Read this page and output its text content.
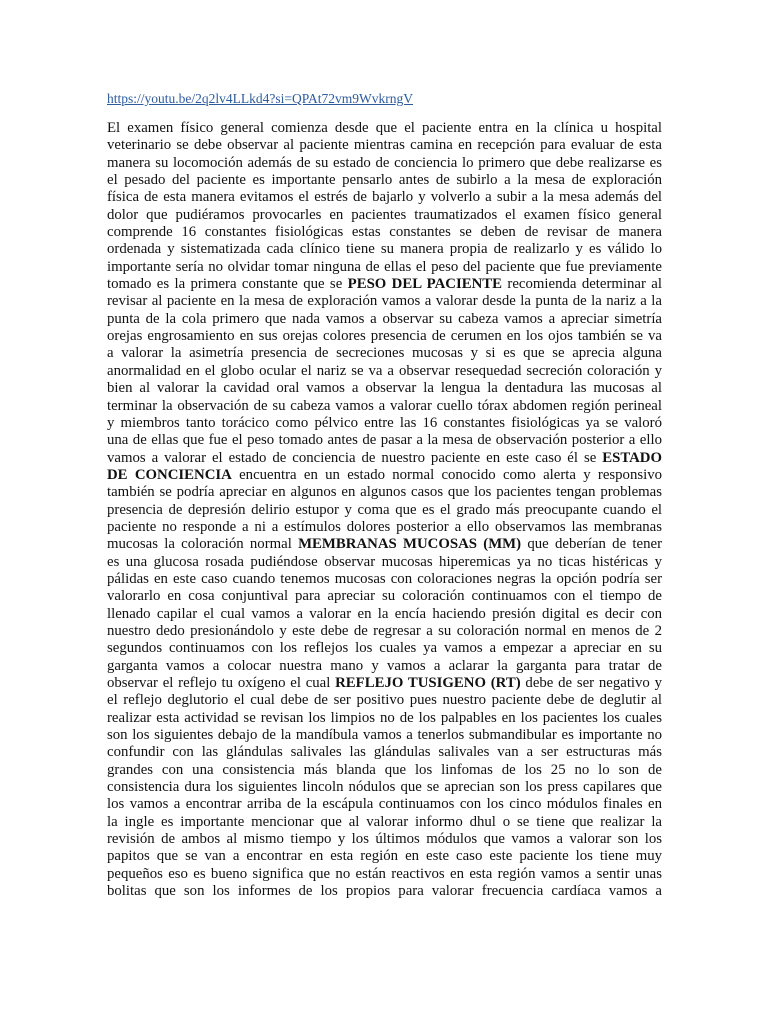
https://youtu.be/2q2lv4LLkd4?si=QPAt72vm9WvkrngV
El examen físico general comienza desde que el paciente entra en la clínica u hospital
veterinario se debe observar al paciente mientras camina en recepción para evaluar de esta
manera su locomoción además de su estado de conciencia lo primero que debe realizarse es
el pesado del paciente es importante pensarlo antes de subirlo a la mesa de exploración
física de esta manera evitamos el estrés de bajarlo y volverlo a subir a la mesa además del
dolor que pudiéramos provocarles en pacientes traumatizados el examen físico general
comprende 16 constantes fisiológicas estas constantes se deben de revisar de manera
ordenada y sistematizada cada clínico tiene su manera propia de realizarlo y es válido lo
importante sería no olvidar tomar ninguna de ellas el peso del paciente que fue previamente
tomado es la primera constante que se PESO DEL PACIENTE recomienda determinar al
revisar al paciente en la mesa de exploración vamos a valorar desde la punta de la nariz a la
punta de la cola primero que nada vamos a observar su cabeza vamos a apreciar simetría
orejas engrosamiento en sus orejas colores presencia de cerumen en los ojos también se va
a valorar la asimetría presencia de secreciones mucosas y si es que se aprecia alguna
anormalidad en el globo ocular el nariz se va a observar resequedad secreción coloración y
bien al valorar la cavidad oral vamos a observar la lengua la dentadura las mucosas al
terminar la observación de su cabeza vamos a valorar cuello tórax abdomen región perineal
y miembros tanto torácico como pélvico entre las 16 constantes fisiológicas ya se valoró
una de ellas que fue el peso tomado antes de pasar a la mesa de observación posterior a ello
vamos a valorar el estado de conciencia de nuestro paciente en este caso él se ESTADO
DE CONCIENCIA encuentra en un estado normal conocido como alerta y responsivo
también se podría apreciar en algunos en algunos casos que los pacientes tengan problemas
presencia de depresión delirio estupor y coma que es el grado más preocupante cuando el
paciente no responde a ni a estímulos dolores posterior a ello observamos las membranas
mucosas la coloración normal MEMBRANAS MUCOSAS (MM) que deberían de tener
es una glucosa rosada pudiéndose observar mucosas hiperemicas ya no ticas histéricas y
pálidas en este caso cuando tenemos mucosas con coloraciones negras la opción podría ser
valorarlo en cosa conjuntival para apreciar su coloración continuamos con el tiempo de
llenado capilar el cual vamos a valorar en la encía haciendo presión digital es decir con
nuestro dedo presionándolo y este debe de regresar a su coloración normal en menos de 2
segundos continuamos con los reflejos los cuales ya vamos a empezar a apreciar en su
garganta vamos a colocar nuestra mano y vamos a aclarar la garganta para tratar de
observar el reflejo tu oxígeno el cual REFLEJO TUSIGENO (RT) debe de ser negativo y
el reflejo deglutorio el cual debe de ser positivo pues nuestro paciente debe de deglutir al
realizar esta actividad se revisan los limpios no de los palpables en los pacientes los cuales
son los siguientes debajo de la mandíbula vamos a tenerlos submandibular es importante no
confundir con las glándulas salivales las glándulas salivales van a ser estructuras más
grandes con una consistencia más blanda que los linfomas de los 25 no lo son de
consistencia dura los siguientes lincoln nódulos que se aprecian son los press capilares que
los vamos a encontrar arriba de la escápula continuamos con los cinco módulos finales en
la ingle es importante mencionar que al valorar informo dhul o se tiene que realizar la
revisión de ambos al mismo tiempo y los últimos módulos que vamos a valorar son los
papitos que se van a encontrar en esta región en este caso este paciente los tiene muy
pequeños eso es bueno significa que no están reactivos en esta región vamos a sentir unas
bolitas que son los informes de los propios para valorar frecuencia cardíaca vamos a
